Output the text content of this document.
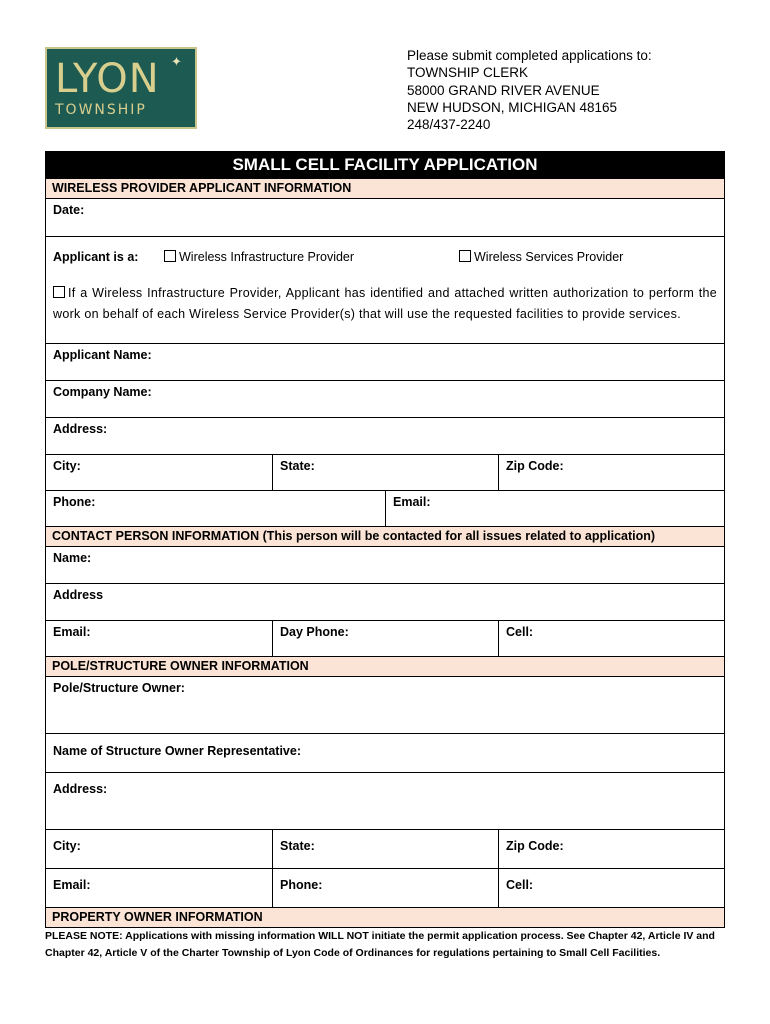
LYON ✦
TOWNSHIP
Please submit completed applications to:
TOWNSHIP CLERK
58000 GRAND RIVER AVENUE
NEW HUDSON, MICHIGAN 48165
248/437-2240
SMALL CELL FACILITY APPLICATION
WIRELESS PROVIDER APPLICANT INFORMATION
Date:
Applicant is a:	Wireless Infrastructure Provider	Wireless Services Provider
If a Wireless Infrastructure Provider, Applicant has identified and attached written authorization to perform the work on behalf of each Wireless Service Provider(s) that will use the requested facilities to provide services.
Applicant Name:
Company Name:
Address:
City:	State:	Zip Code:
Phone:	Email:
CONTACT PERSON INFORMATION (This person will be contacted for all issues related to application)
Name:
Address
Email:	Day Phone:	Cell:
POLE/STRUCTURE OWNER INFORMATION
Pole/Structure Owner:
Name of Structure Owner Representative:
Address:
City:	State:	Zip Code:
Email:	Phone:	Cell:
PROPERTY OWNER INFORMATION
PLEASE NOTE: Applications with missing information WILL NOT initiate the permit application process. See Chapter 42, Article IV and Chapter 42, Article V of the Charter Township of Lyon Code of Ordinances for regulations pertaining to Small Cell Facilities.
